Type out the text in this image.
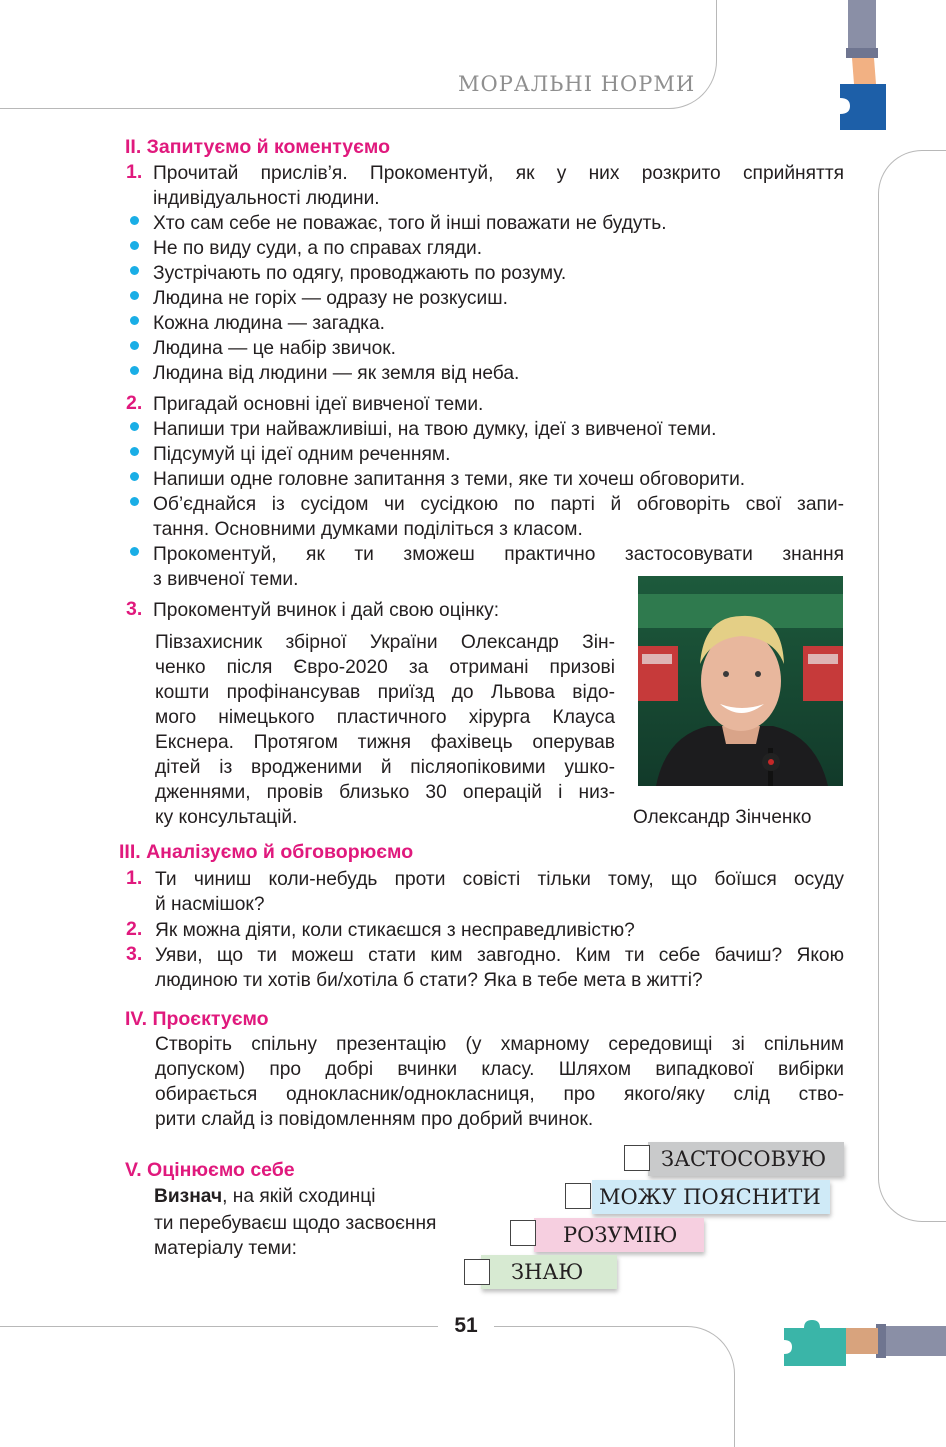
МОРАЛЬНІ НОРМИ
II. Запитуємо й коментуємо
1. Прочитай прислів’я. Прокоментуй, як у них розкрито сприйняття
індивідуальності людини.
Хто сам себе не поважає, того й інші поважати не будуть.
Не по виду суди, а по справах гляди.
Зустрічають по одягу, проводжають по розуму.
Людина не горіх — одразу не розкусиш.
Кожна людина — загадка.
Людина — це набір звичок.
Людина від людини — як земля від неба.
2. Пригадай основні ідеї вивченої теми.
Напиши три найважливіші, на твою думку, ідеї з вивченої теми.
Підсумуй ці ідеї одним реченням.
Напиши одне головне запитання з теми, яке ти хочеш обговорити.
Об’єднайся із сусідом чи сусідкою по парті й обговоріть свої запи-
тання. Основними думками поділіться з класом.
Прокоментуй, як ти зможеш практично застосовувати знання
з вивченої теми.
3. Прокоментуй вчинок і дай свою оцінку:
Півзахисник збірної України Олександр Зін-
ченко після Євро-2020 за отримані призові
кошти профінансував приїзд до Львова відо-
мого німецького пластичного хірурга Клауса
Екснера. Протягом тижня фахівець оперував
дітей із вродженими й післяопіковими ушко-
дженнями, провів близько 30 операцій і низ-
ку консультацій.	Олександр Зінченко
III. Аналізуємо й обговорюємо
1. Ти чиниш коли-небудь проти совісті тільки тому, що боїшся осуду
й насмішок?
2. Як можна діяти, коли стикаєшся з несправедливістю?
3. Уяви, що ти можеш стати ким завгодно. Ким ти себе бачиш? Якою
людиною ти хотів би/хотіла б стати? Яка в тебе мета в житті?
IV. Проєктуємо
Створіть спільну презентацію (у хмарному середовищі зі спільним
допуском) про добрі вчинки класу. Шляхом випадкової вибірки
обирається однокласник/однокласниця, про якого/яку слід ство-
рити слайд із повідомленням про добрий вчинок.
V. Оцінюємо себе
Визнач, на якій сходинці
ти перебуваєш щодо засвоєння
матеріалу теми:
ЗАСТОСОВУЮ
МОЖУ ПОЯСНИТИ
РОЗУМІЮ
ЗНАЮ
51
